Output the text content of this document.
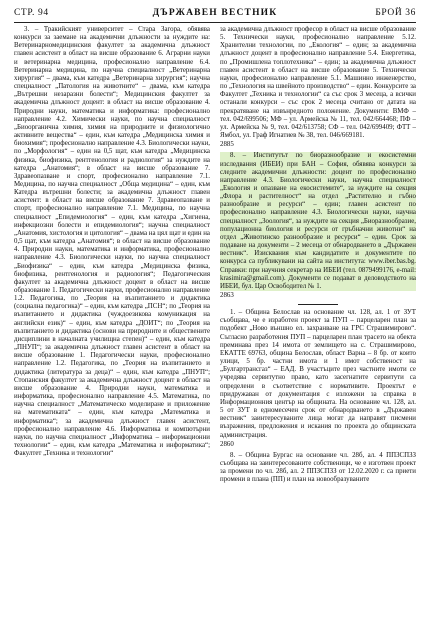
СТР. 94	ДЪРЖАВЕН ВЕСТНИК	БРОЙ 36

3. – Тракийският университет – Стара Загора, обявява конкурси за заемане на академични длъжности за нуждите на: Ветеринарномедицинския факултет за академична длъжност главен асистент в област на висше образование 6. Аграрни науки и ветеринарна медицина, професионално направление 6.4. Ветеринарна медицина, по научна специалност „Ветеринарна хирургия“ – двама, към катедра „Ветеринарна хирургия“; научна специалност „Патология на животните“ – двама, към катедра „Вътрешни незаразни болести“; Медицинския факултет за академична длъжност доцент: в област на висше образование 4. Природни науки, математика и информатика: професионално направление 4.2. Химически науки, по научна специалност „Биоорганична химия, химия на природните и физиологично активните вещества“ – един, към катедра „Медицинска химия и биохимия“; професионално направление 4.3. Биологически науки, по „Морфология“ – един на 0,5 щат, към катедра „Медицинска физика, биофизика, рентгенология и радиология“ за нуждите на катедра „Анатомия“; в област на висше образование 7. Здравеопазване и спорт, професионално направление 7.1. Медицина, по научна специалност „Обща медицина“ – един, към Катедра вътрешни болести; за академична длъжност главен асистент: в област на висше образование 7. Здравеопазване и спорт, професионално направление 7.1. Медицина, по научна специалност „Епидемиология“ – един, към катедра „Хигиена, инфекциозни болести и епидемиология“; научна специалност „Анатомия, хистология и цитология“ – двама на цял щат и един на 0,5 щат, към катедра „Анатомия“; в област на висше образование 4. Природни науки, математика и информатика, професионално направление 4.3. Биологически науки, по научна специалност „Биофизика“ – един, към катедра „Медицинска физика, биофизика, рентгенология и радиология“; Педагогическия факултет за академична длъжност доцент в област на висше образование 1. Педагогически науки, професионално направление 1.2. Педагогика, по „Теория на възпитанието и дидактика (социална педагогика)“ – един, към катедра „ПСН“; по „Теория на възпитанието и дидактика (чуждоезикова комуникация на английски език)“ – един, към катедра „ДОИТ“; по „Теория на възпитанието и дидактика (основи на природните и обществените дисциплини в началната училищна степен)“ – един, към катедра „ПНУП“; за академична длъжност главен асистент в област на висше образование 1. Педагогически науки, професионално направление 1.2. Педагогика, по „Теория на възпитанието и дидактика (литература за деца)“ – един, към катедра „ПНУП“; Стопанския факултет за академична длъжност доцент в област на висше образование 4. Природни науки, математика и информатика, професионално направление 4.5. Математика, по научна специалност „Математическо моделиране и приложение на математиката“ – един, към катедра „Математика и информатика“; за академична длъжност главен асистент, професионално направление 4.6. Информатика и компютърни науки, по научна специалност „Информатика – информационни технологии“ – един, към катедра „Математика и информатика“; Факултет „Техника и технологии“

за академична длъжност професор в област на висше образование 5. Технически науки, професионално направление 5.12. Хранителни технологии, по „Екология“ – един; за академична длъжност доцент в професионално направление 5.4. Енергетика, по „Промишлена топлотехника“ – един; за академична длъжност главен асистент в област на висше образование 5. Технически науки, професионално направление 5.1. Машинно инженерство, по „Технология на швейното производство“ – един. Конкурсите за Факултет „Техника и технологии“ са със срок 3 месеца, а всички останали конкурси – със срок 2 месеца считано от датата на прекратяване на извънредното положение. Документи: ВМФ – тел. 042/699506; МФ – ул. Армейска № 11, тел. 042/664468; ПФ – ул. Армейска № 9, тел. 042/613758; СФ – тел. 042/699409; ФТТ – Ямбол, ул. Граф Игнатиев № 38, тел. 046/669181.

2885

8. – Институтът по биоразнообразие и екосистемни изследвания (ИБЕИ) при БАН – София, обявява конкурси за следните академични длъжности: доцент по професионално направление 4.3. Биологически науки, научна специалност „Екология и опазване на екосистемите“, за нуждите на секция „Флора и растителност“ на отдел „Растително и гъбно разнообразие и ресурси“ – един; главен асистент по професионално направление 4.3. Биологически науки, научна специалност „Зоология“, за нуждите на секция „Биоразнообразие, популационна биология и ресурси от гръбначни животни“ на отдел „Животинско разнообразие и ресурси“ – един. Срок за подаване на документи – 2 месеца от обнародването в „Държавен вестник“. Изисквания към кандидатите и документите по конкурса са публикувани на сайта на института: www.iber.bas.bg. Справки: при научния секретар на ИБЕИ (тел. 0879499176, e-mail: krasimira@gmail.com). Документи се подават в деловодството на ИБЕИ, бул. Цар Освободител № 1.

2863

1. – Община Белослав на основание чл. 128, ал. 1 от ЗУТ съобщава, че е изработен проект за ПУП – парцеларен план за подобект „Ново външно ел. захранване на ГРС Страшимирово“. Съгласно разработения ПУП – парцеларен план трасето на обекта преминава през 14 имота от землището на с. Страшимирово, ЕКАТТЕ 69763, община Белослав, област Варна – 8 бр. от които улици, 5 бр. частни имота и 1 имот собственост на „Булгартрансгаз“ – ЕАД. В участъците през частните имоти се учредява сервитутно право, като засегнатите сервитути са определени в съответствие с нормативите. Проектът е придружаван от документация с изложени за справка в Информационния център на общината. На основание чл. 128, ал. 5 от ЗУТ в едномесечен срок от обнародването в „Държавен вестник“ заинтересуваните лица могат да направят писмени възражения, предложения и искания по проекта до общинската администрация.

2860

8. – Община Бургас на основание чл. 28б, ал. 4 ППЗСПЗЗ съобщава на заинтересованите собственици, че е изготвен проект за промени по чл. 28б, ал. 2 ППЗСПЗЗ от 12.02.2020 г. са приети промени в плана (ПП) и план на новообразуваните
